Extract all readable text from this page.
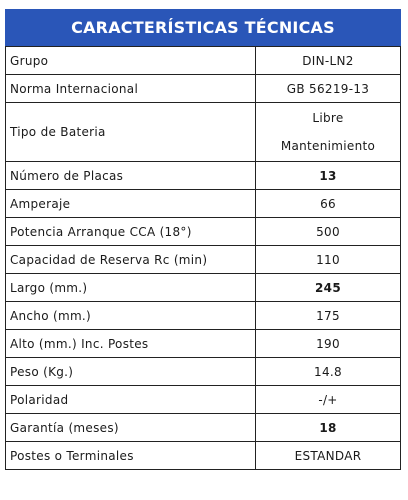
CARACTERÍSTICAS TÉCNICAS
Grupo	DIN-LN2
Norma Internacional	GB 56219-13
Tipo de Bateria	Libre
Mantenimiento

Número de Placas	13
Amperaje	66
Potencia Arranque CCA (18°)	500
Capacidad de Reserva Rc (min)	110
Largo (mm.)	245
Ancho (mm.)	175
Alto (mm.) Inc. Postes	190
Peso (Kg.)	14.8
Polaridad	-/+
Garantía (meses)	18
Postes o Terminales	ESTANDAR
